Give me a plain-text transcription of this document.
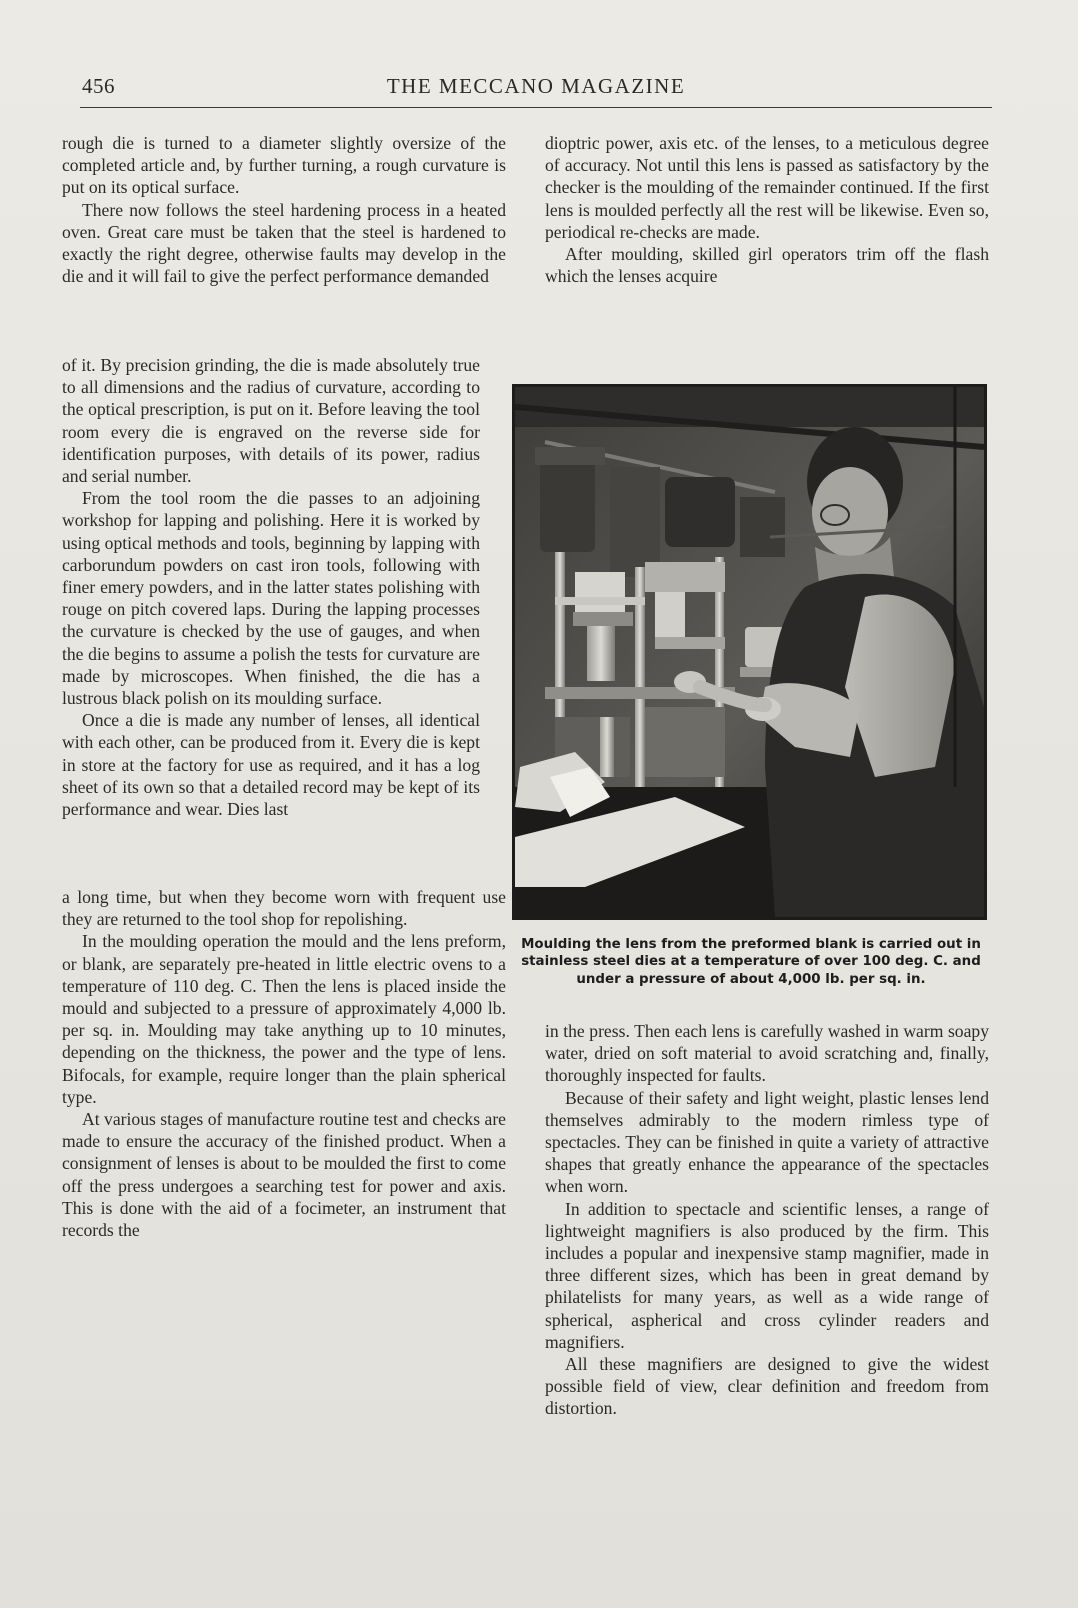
456	THE MECCANO MAGAZINE

rough die is turned to a diameter slightly oversize of the completed article and, by further turning, a rough curvature is put on its optical surface.

There now follows the steel hardening process in a heated oven. Great care must be taken that the steel is hardened to exactly the right degree, otherwise faults may develop in the die and it will fail to give the perfect performance demanded

of it. By precision grinding, the die is made absolutely true to all dimensions and the radius of curvature, according to the optical prescription, is put on it. Before leaving the tool room every die is engraved on the reverse side for identification purposes, with details of its power, radius and serial number.

From the tool room the die passes to an adjoining workshop for lapping and polishing. Here it is worked by using optical methods and tools, beginning by lapping with carborundum powders on cast iron tools, following with finer emery powders, and in the latter states polishing with rouge on pitch covered laps. During the lapping processes the curvature is checked by the use of gauges, and when the die begins to assume a polish the tests for curvature are made by microscopes. When finished, the die has a lustrous black polish on its moulding surface.

Once a die is made any number of lenses, all identical with each other, can be produced from it. Every die is kept in store at the factory for use as required, and it has a log sheet of its own so that a detailed record may be kept of its performance and wear. Dies last

a long time, but when they become worn with frequent use they are returned to the tool shop for repolishing.

In the moulding operation the mould and the lens preform, or blank, are separately pre-heated in little electric ovens to a temperature of 110 deg. C. Then the lens is placed inside the mould and subjected to a pressure of approximately 4,000 lb. per sq. in. Moulding may take anything up to 10 minutes, depending on the thickness, the power and the type of lens. Bifocals, for example, require longer than the plain spherical type.

At various stages of manufacture routine test and checks are made to ensure the accuracy of the finished product. When a consignment of lenses is about to be moulded the first to come off the press undergoes a searching test for power and axis. This is done with the aid of a focimeter, an instrument that records the

dioptric power, axis etc. of the lenses, to a meticulous degree of accuracy. Not until this lens is passed as satisfactory by the checker is the moulding of the remainder continued. If the first lens is moulded perfectly all the rest will be likewise. Even so, periodical re-checks are made.

After moulding, skilled girl operators trim off the flash which the lenses acquire

Moulding the lens from the preformed blank is carried out in stainless steel dies at a temperature of over 100 deg. C. and under a pressure of about 4,000 lb. per sq. in.

in the press. Then each lens is carefully washed in warm soapy water, dried on soft material to avoid scratching and, finally, thoroughly inspected for faults.

Because of their safety and light weight, plastic lenses lend themselves admirably to the modern rimless type of spectacles. They can be finished in quite a variety of attractive shapes that greatly enhance the appearance of the spectacles when worn.

In addition to spectacle and scientific lenses, a range of lightweight magnifiers is also produced by the firm. This includes a popular and inexpensive stamp magnifier, made in three different sizes, which has been in great demand by philatelists for many years, as well as a wide range of spherical, aspherical and cross cylinder readers and magnifiers.

All these magnifiers are designed to give the widest possible field of view, clear definition and freedom from distortion.
